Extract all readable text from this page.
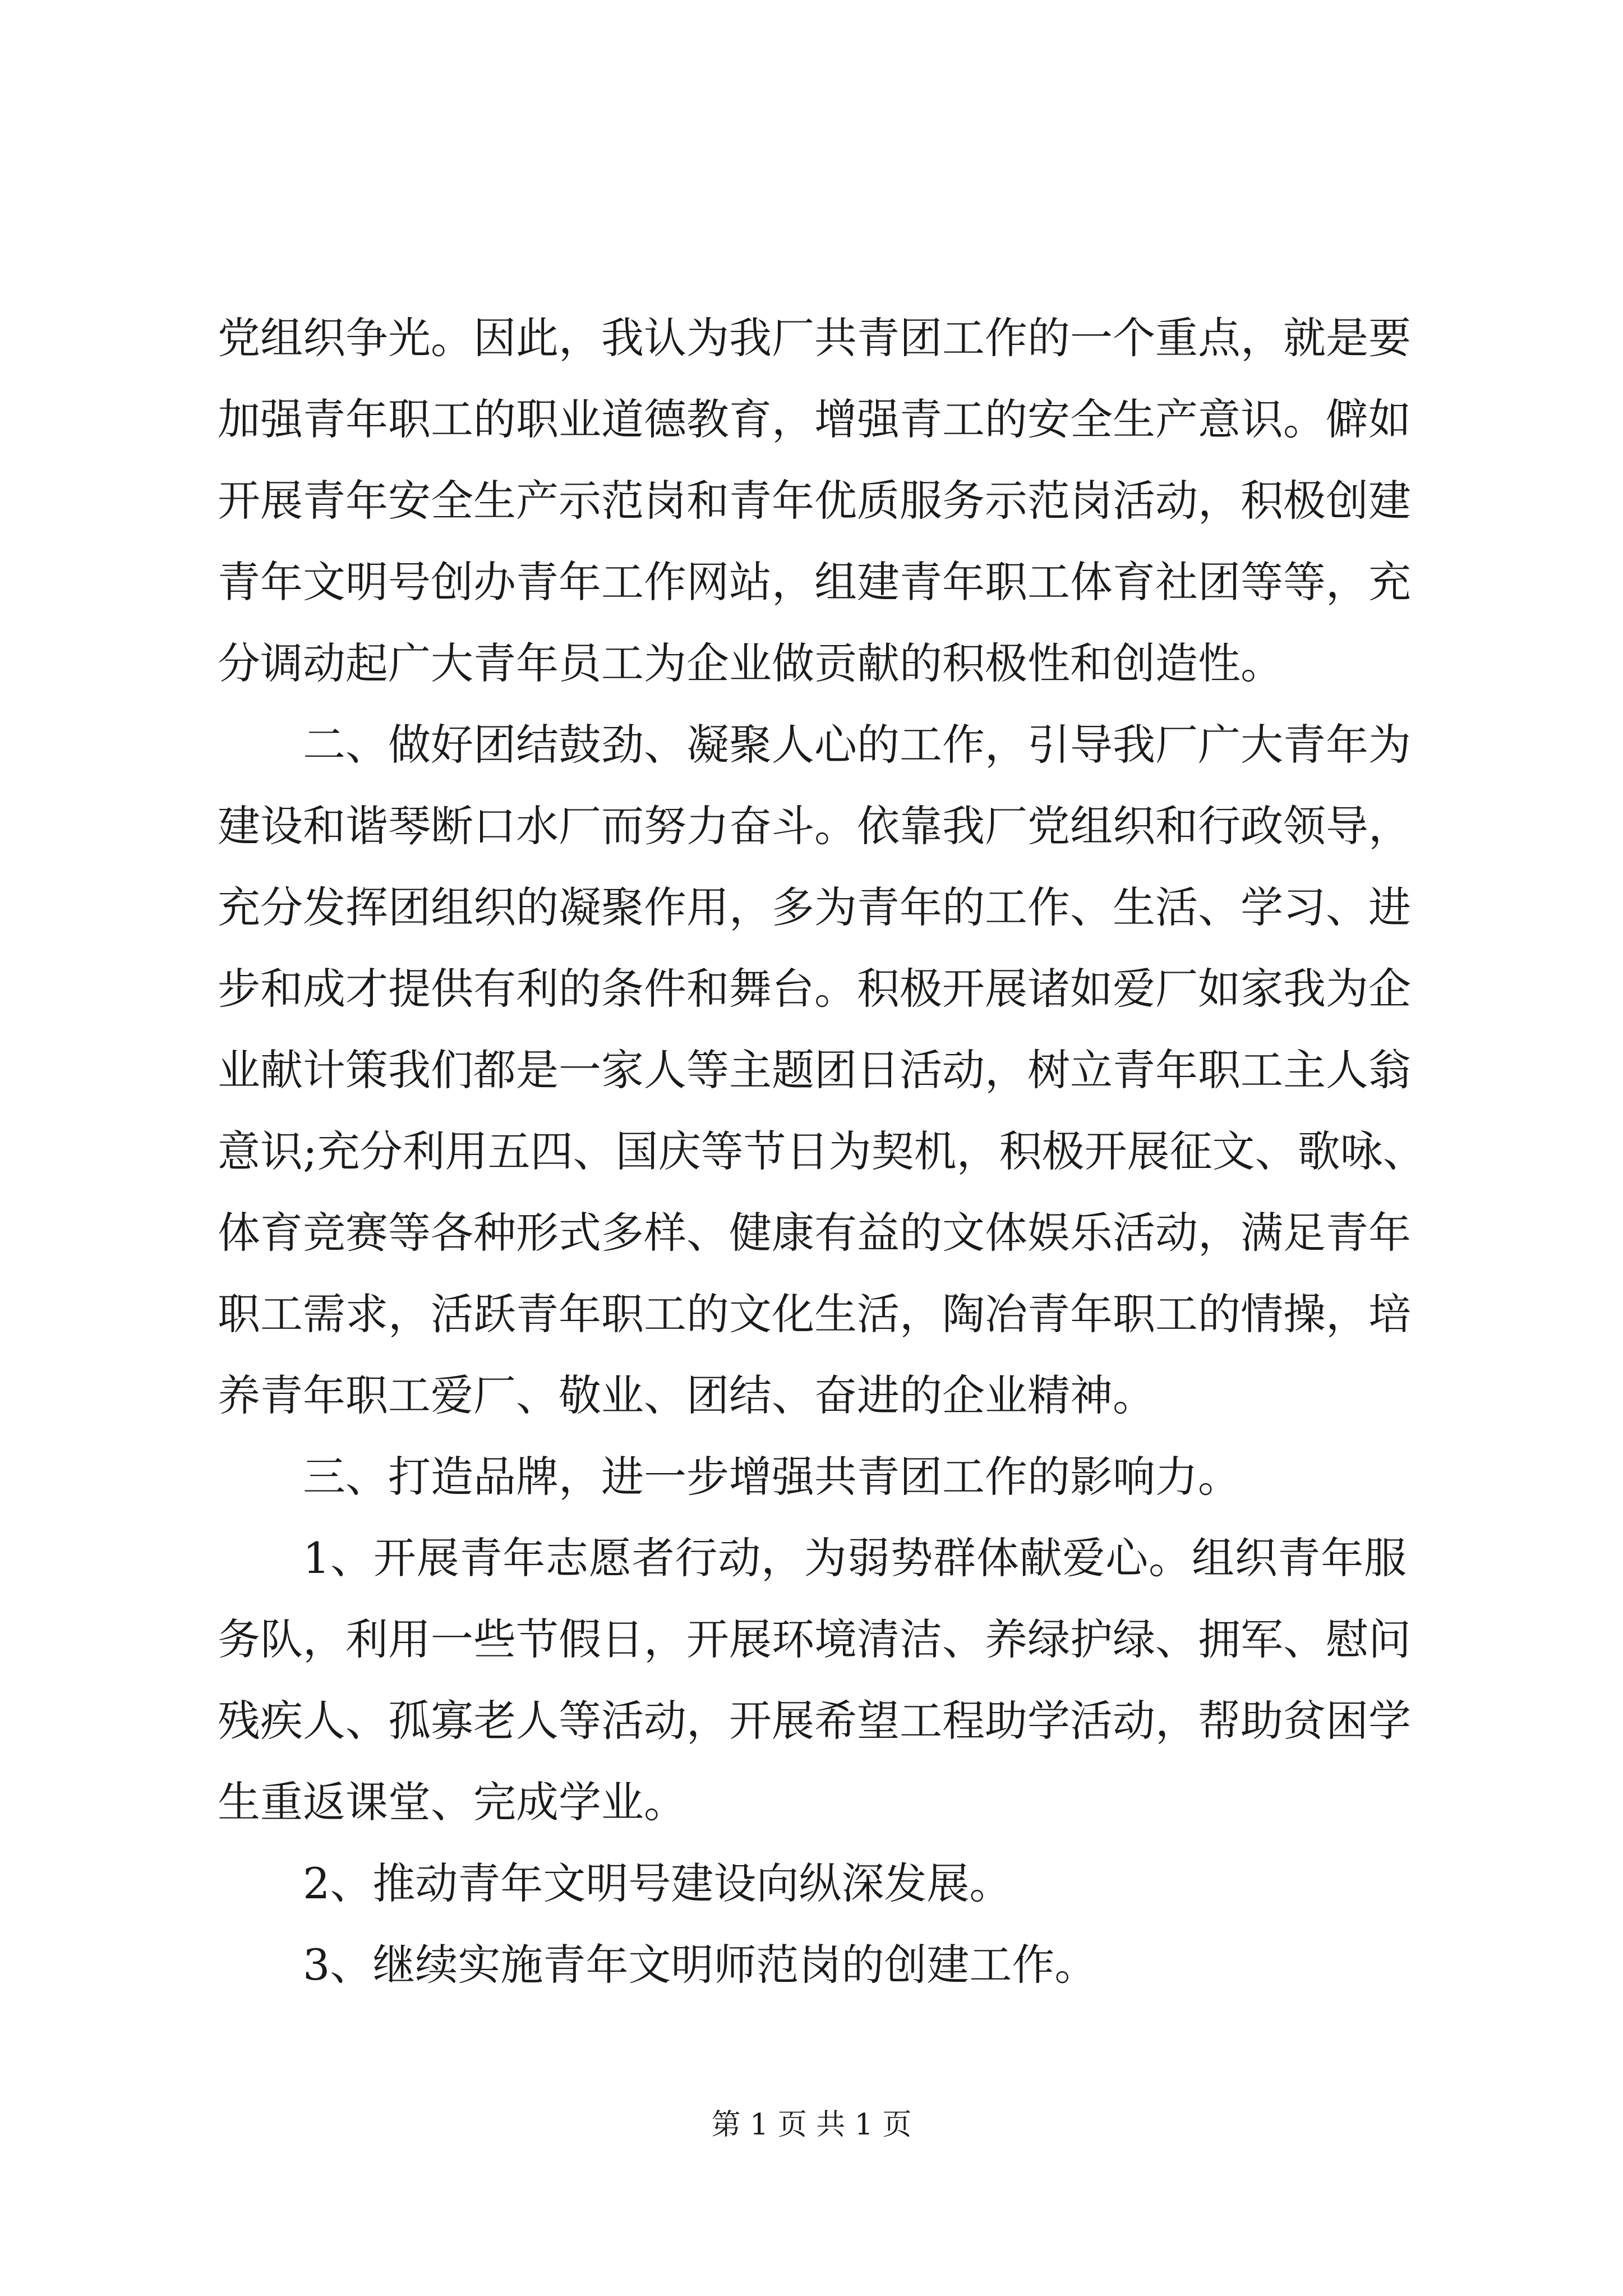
党组织争光。因此，我认为我厂共青团工作的一个重点，就是要
加强青年职工的职业道德教育，增强青工的安全生产意识。僻如
开展青年安全生产示范岗和青年优质服务示范岗活动，积极创建
青年文明号创办青年工作网站，组建青年职工体育社团等等，充
分调动起广大青年员工为企业做贡献的积极性和创造性。
二、做好团结鼓劲、凝聚人心的工作，引导我厂广大青年为
建设和谐琴断口水厂而努力奋斗。依靠我厂党组织和行政领导，
充分发挥团组织的凝聚作用，多为青年的工作、生活、学习、进
步和成才提供有利的条件和舞台。积极开展诸如爱厂如家我为企
业献计策我们都是一家人等主题团日活动，树立青年职工主人翁
意识;充分利用五四、国庆等节日为契机，积极开展征文、歌咏、
体育竞赛等各种形式多样、健康有益的文体娱乐活动，满足青年
职工需求，活跃青年职工的文化生活，陶冶青年职工的情操，培
养青年职工爱厂、敬业、团结、奋进的企业精神。
三、打造品牌，进一步增强共青团工作的影响力。
1、开展青年志愿者行动，为弱势群体献爱心。组织青年服
务队，利用一些节假日，开展环境清洁、养绿护绿、拥军、慰问
残疾人、孤寡老人等活动，开展希望工程助学活动，帮助贫困学
生重返课堂、完成学业。
2、推动青年文明号建设向纵深发展。
3、继续实施青年文明师范岗的创建工作。
第 1 页 共 1 页
